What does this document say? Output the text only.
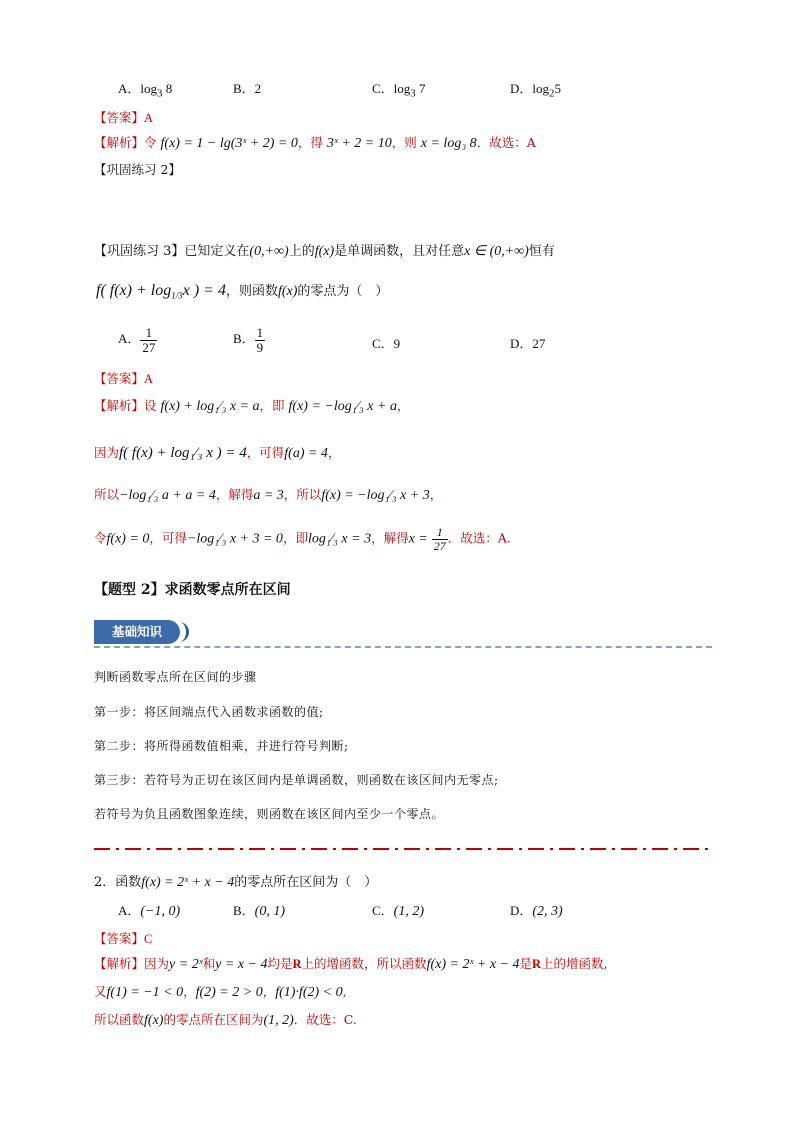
A．$\log_3 8$	B．2	C．$\log_3 7$	D．$\log_25$
【答案】A
【解析】令 f(x) = 1 − lg(3ˣ + 2) = 0，得 3ˣ + 2 = 10，则 x = log₃ 8．故选：A
【巩固练习 2】
【巩固练习 3】已知定义在(0,+∞)上的f(x)是单调函数，且对任意x ∈ (0,+∞)恒有
f( $f(x) + \log_{1/3}x$ ) = 4，则函数f(x)的零点为（　）
A． $\frac{1}{27}$	B． $\frac{1}{9}$	C．9	D．27
【答案】A
【解析】设 f(x) + log₁⁄₃ x = a，即 f(x) = −log₁⁄₃ x + a，
因为f( f(x) + log₁⁄₃ x ) = 4，可得f(a) = 4，
所以−log₁⁄₃ a + a = 4，解得a = 3，所以f(x) = −log₁⁄₃ x + 3，
令f(x) = 0，可得−log₁⁄₃ x + 3 = 0，即log₁⁄₃ x = 3，解得$x = \frac{1}{27}$ ．故选：A.
【题型 2】求函数零点所在区间
基础知识
判断函数零点所在区间的步骤
第一步：将区间端点代入函数求函数的值;
第二步：将所得函数值相乘，并进行符号判断;
第三步：若符号为正切在该区间内是单调函数，则函数在该区间内无零点;
若符号为负且函数图象连续，则函数在该区间内至少一个零点。
2．函数f(x) = 2ˣ + x − 4的零点所在区间为（　）
A．(−1, 0)	B．(0, 1)	C．(1, 2)	D．(2, 3)
【答案】C
【解析】因为y = 2ˣ和y = x − 4均是R上的增函数，所以函数f(x) = 2ˣ + x − 4是R上的增函数,
又f(1) = −1 < 0，f(2) = 2 > 0，f(1)·f(2) < 0,
所以函数f(x)的零点所在区间为(1, 2)．故选：C.
